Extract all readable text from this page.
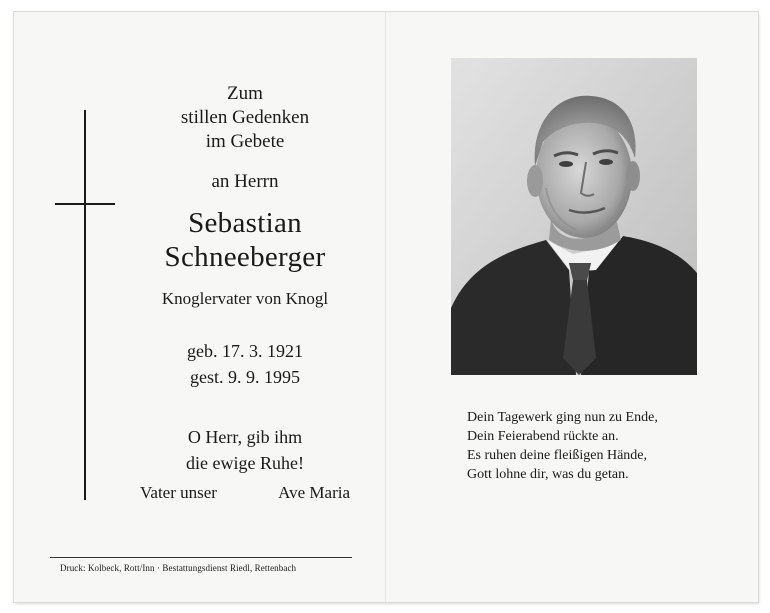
Zum
stillen Gedenken
im Gebete
an Herrn
Sebastian
Schneeberger
Knoglervater von Knogl
geb. 17. 3. 1921
gest. 9. 9. 1995
O Herr, gib ihm
die ewige Ruhe!
Vater unser	Ave Maria
Druck: Kolbeck, Rott/Inn · Bestattungsdienst Riedl, Rettenbach
Dein Tagewerk ging nun zu Ende,
Dein Feierabend rückte an.
Es ruhen deine fleißigen Hände,
Gott lohne dir, was du getan.
